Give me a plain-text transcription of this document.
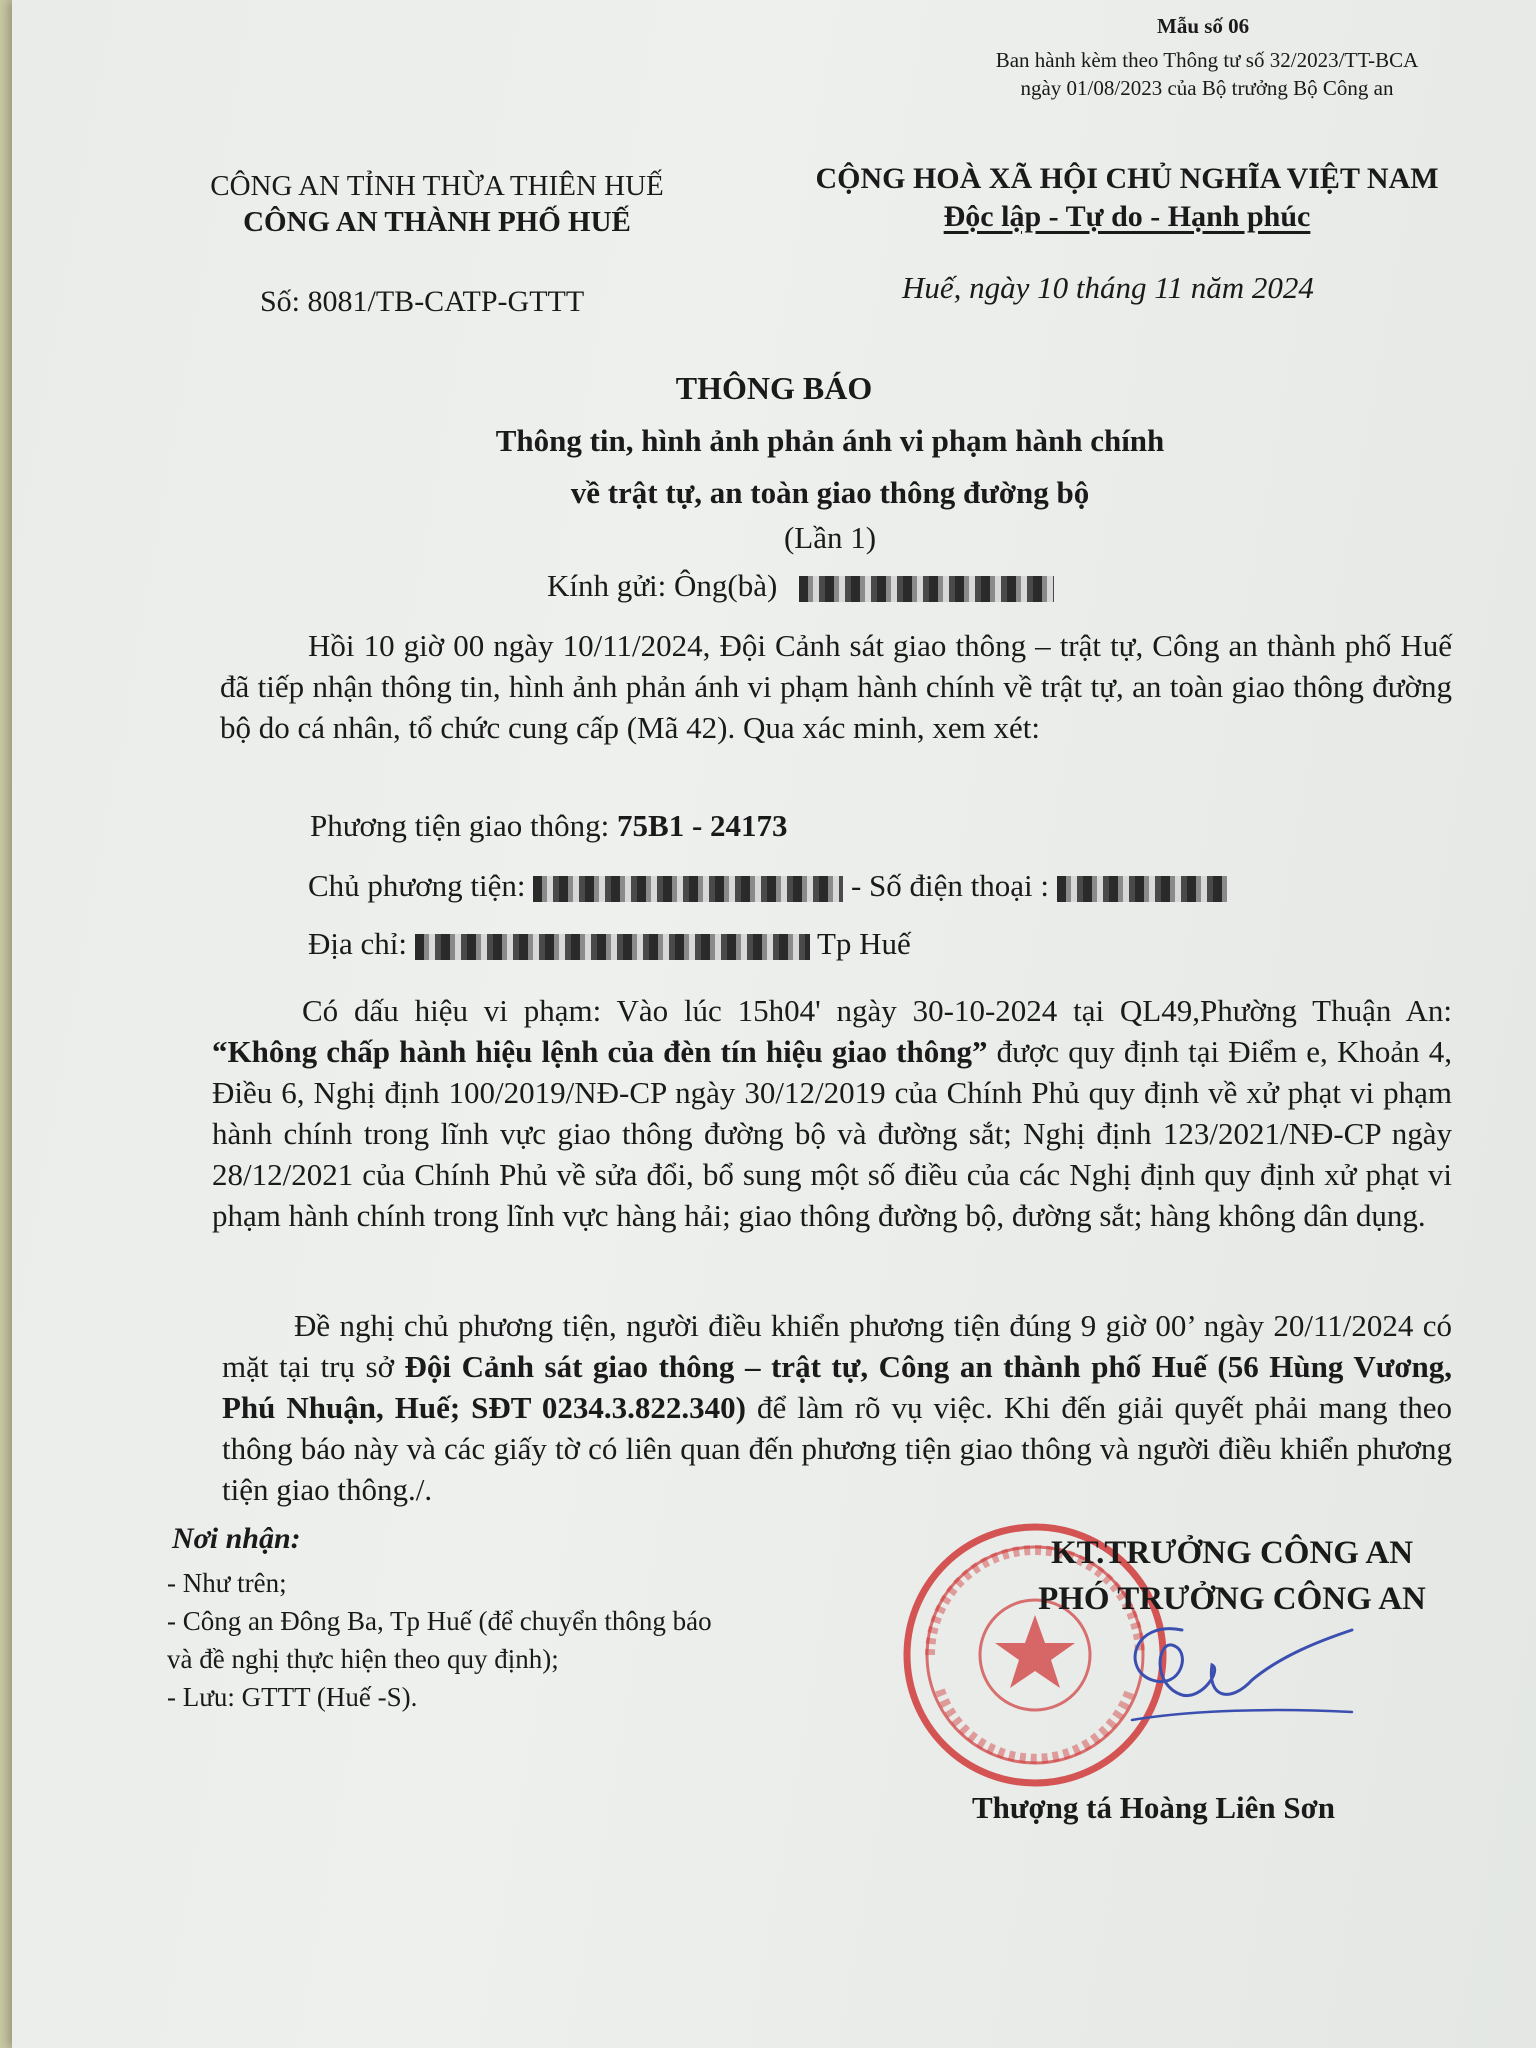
Mẫu số 06
Ban hành kèm theo Thông tư số 32/2023/TT-BCA
ngày 01/08/2023 của Bộ trưởng Bộ Công an
CÔNG AN TỈNH THỪA THIÊN HUẾ
CÔNG AN THÀNH PHỐ HUẾ
CỘNG HOÀ XÃ HỘI CHỦ NGHĨA VIỆT NAM
Độc lập - Tự do - Hạnh phúc
Số: 8081/TB-CATP-GTTT	Huế, ngày 10 tháng 11 năm 2024
THÔNG BÁO
Thông tin, hình ảnh phản ánh vi phạm hành chính
về trật tự, an toàn giao thông đường bộ
(Lần 1)
Kính gửi: Ông(bà)
Hồi 10 giờ 00 ngày 10/11/2024, Đội Cảnh sát giao thông – trật tự, Công an thành phố Huế đã tiếp nhận thông tin, hình ảnh phản ánh vi phạm hành chính về trật tự, an toàn giao thông đường bộ do cá nhân, tổ chức cung cấp (Mã 42). Qua xác minh, xem xét:
Phương tiện giao thông: 75B1 - 24173
Chủ phương tiện:	- Số điện thoại :
Địa chỉ:	Tp Huế
Có dấu hiệu vi phạm: Vào lúc 15h04' ngày 30-10-2024 tại QL49,Phường Thuận An: “Không chấp hành hiệu lệnh của đèn tín hiệu giao thông” được quy định tại Điểm e, Khoản 4, Điều 6, Nghị định 100/2019/NĐ-CP ngày 30/12/2019 của Chính Phủ quy định về xử phạt vi phạm hành chính trong lĩnh vực giao thông đường bộ và đường sắt; Nghị định 123/2021/NĐ-CP ngày 28/12/2021 của Chính Phủ về sửa đổi, bổ sung một số điều của các Nghị định quy định xử phạt vi phạm hành chính trong lĩnh vực hàng hải; giao thông đường bộ, đường sắt; hàng không dân dụng.
Đề nghị chủ phương tiện, người điều khiển phương tiện đúng 9 giờ 00’ ngày 20/11/2024 có mặt tại trụ sở Đội Cảnh sát giao thông – trật tự, Công an thành phố Huế (56 Hùng Vương, Phú Nhuận, Huế; SĐT 0234.3.822.340) để làm rõ vụ việc. Khi đến giải quyết phải mang theo thông báo này và các giấy tờ có liên quan đến phương tiện giao thông và người điều khiển phương tiện giao thông./.
Nơi nhận:
- Như trên;
- Công an Đông Ba, Tp Huế (để chuyển thông báo
và đề nghị thực hiện theo quy định);
- Lưu: GTTT (Huế -S).
KT.TRƯỞNG CÔNG AN
PHÓ TRƯỞNG CÔNG AN
Thượng tá Hoàng Liên Sơn
